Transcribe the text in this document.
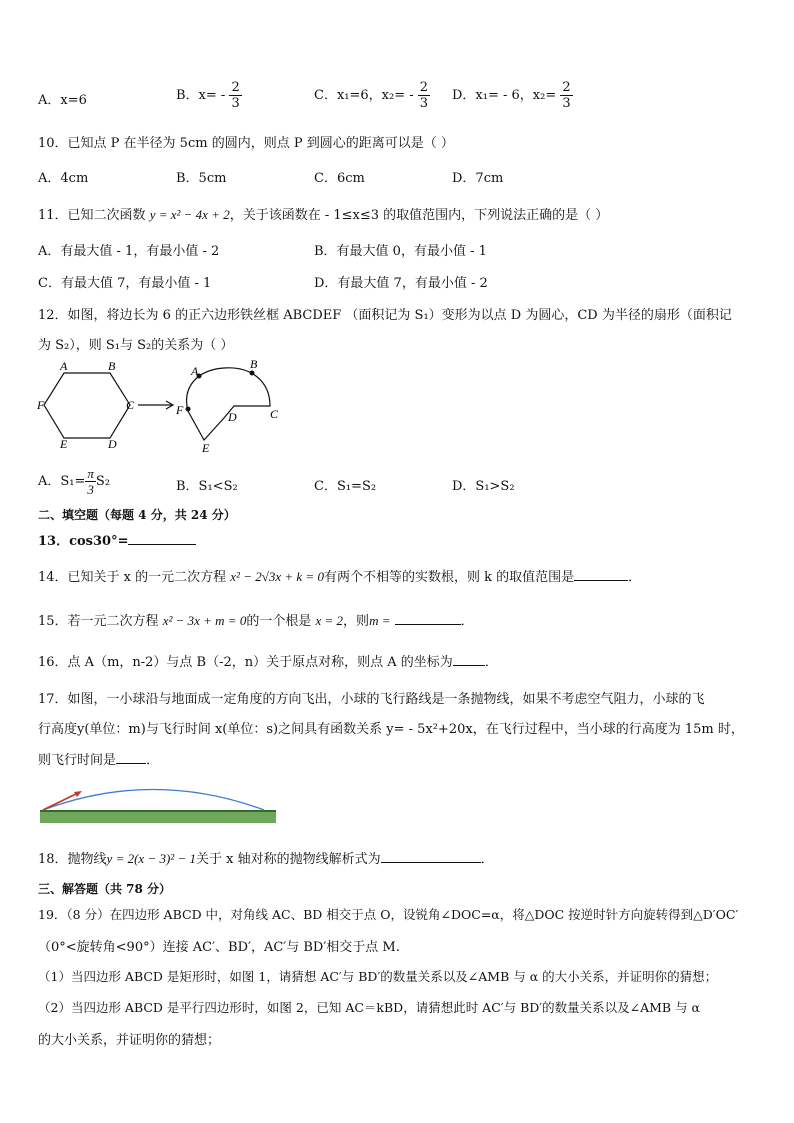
A．x=6	B．$x= - \frac{2}{3}$	C．x₁=6，$x_2= - \frac{2}{3}$ D．x₁= - 6，$x_2= \frac{2}{3}$
10．已知点 P 在半径为 5cm 的圆内，则点 P 到圆心的距离可以是（ ）
A．4cm	B．5cm	C．6cm	D．7cm
11．已知二次函数 y = x² − 4x + 2，关于该函数在 - 1≤x≤3 的取值范围内，下列说法正确的是（ ）
A．有最大值 - 1，有最小值 - 2	B．有最大值 0，有最小值 - 1
C．有最大值 7，有最小值 - 1	D．有最大值 7，有最小值 - 2
12．如图，将边长为 6 的正六边形铁丝框 ABCDEF （面积记为 S₁）变形为以点 D 为圆心，CD 为半径的扇形（面积记
为 S₂），则 S₁与 S₂的关系为（ ）
A	B
C
D
E
F
A	B
C
D
E
F
A．$S_1= \frac{\pi}{3} S_2$	B．S₁<S₂	C．S₁=S₂	D．S₁>S₂
二、填空题（每题 4 分，共 24 分）
13．cos30°=
14．已知关于 x 的一元二次方程 x² − 2√3x + k = 0有两个不相等的实数根，则 k 的取值范围是	．
15．若一元二次方程 x² − 3x + m = 0的一个根是 x = 2，则m =	．
16．点 A（m，n-2）与点 B（-2，n）关于原点对称，则点 A 的坐标为 ．
17．如图，一小球沿与地面成一定角度的方向飞出，小球的飞行路线是一条抛物线，如果不考虑空气阻力，小球的飞
行高度y(单位：m)与飞行时间 x(单位：s)之间具有函数关系 y= - 5x²+20x，在飞行过程中，当小球的行高度为 15m 时，
则飞行时间是 ．
18．抛物线y = 2(x − 3)² − 1关于 x 轴对称的抛物线解析式为	．
三、解答题（共 78 分）
19．（8 分）在四边形 ABCD 中，对角线 AC、BD 相交于点 O，设锐角∠DOC=α，将△DOC 按逆时针方向旋转得到△D′OC′
（0°<旋转角<90°）连接 AC′、BD′，AC′与 BD′相交于点 M.
（1）当四边形 ABCD 是矩形时，如图 1，请猜想 AC′与 BD′的数量关系以及∠AMB 与 α 的大小关系，并证明你的猜想；
（2）当四边形 ABCD 是平行四边形时，如图 2，已知 AC＝kBD，请猜想此时 AC′与 BD′的数量关系以及∠AMB 与 α
的大小关系，并证明你的猜想；
